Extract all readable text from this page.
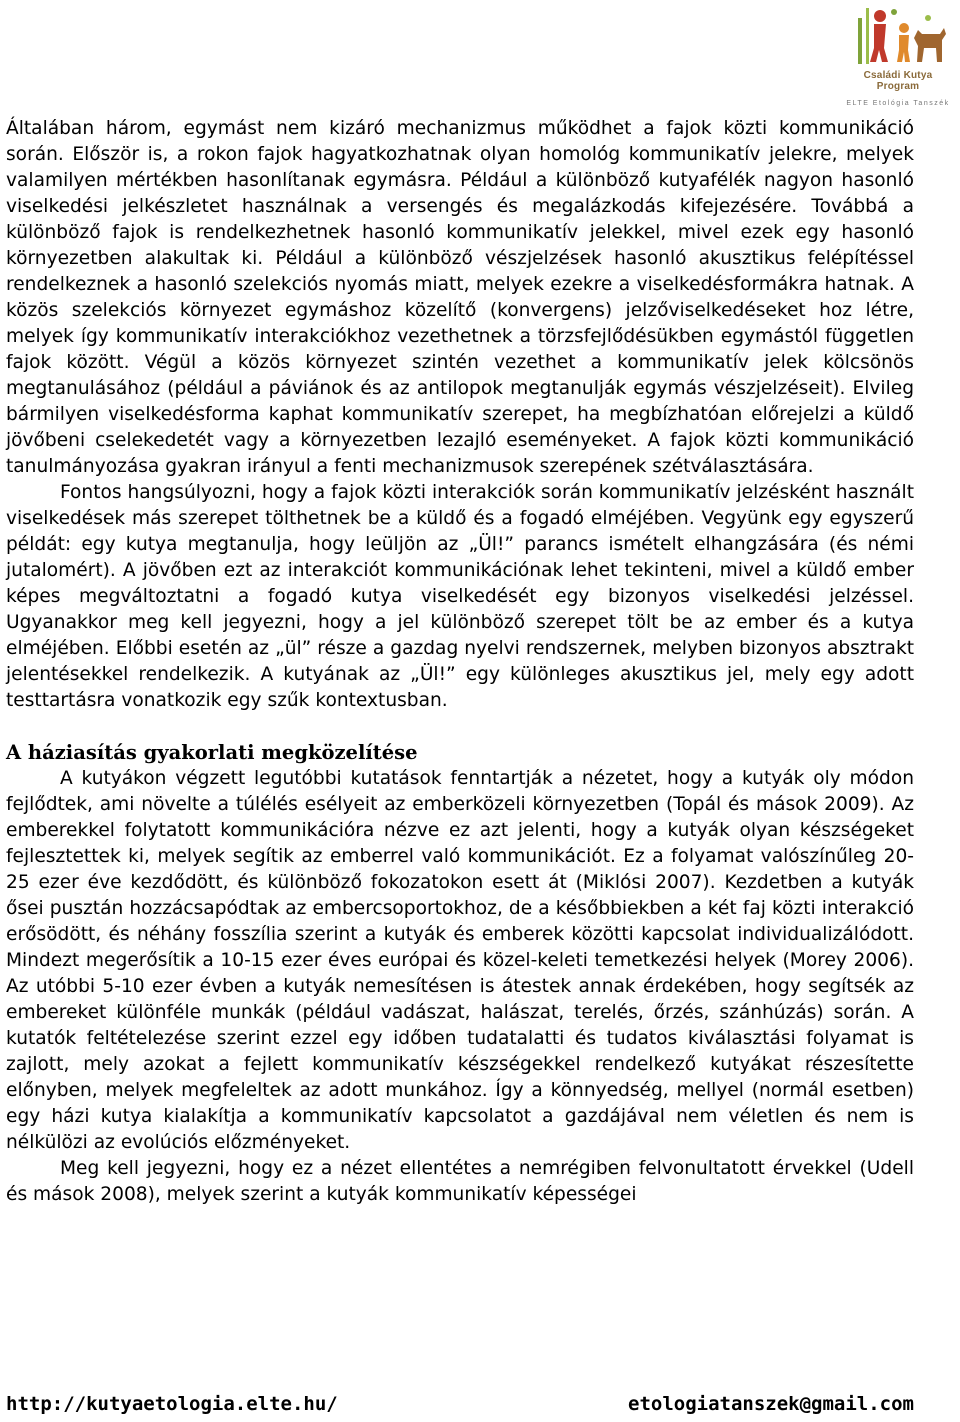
Családi Kutya Program
ELTE Etológia Tanszék

Általában három, egymást nem kizáró mechanizmus működhet a fajok közti kommunikáció során. Először is, a rokon fajok hagyatkozhatnak olyan homológ kommunikatív jelekre, melyek valamilyen mértékben hasonlítanak egymásra. Például a különböző kutyafélék nagyon hasonló viselkedési jelkészletet használnak a versengés és megalázkodás kifejezésére. Továbbá a különböző fajok is rendelkezhetnek hasonló kommunikatív jelekkel, mivel ezek egy hasonló környezetben alakultak ki. Például a különböző vészjelzések hasonló akusztikus felépítéssel rendelkeznek a hasonló szelekciós nyomás miatt, melyek ezekre a viselkedésformákra hatnak. A közös szelekciós környezet egymáshoz közelítő (konvergens) jelzőviselkedéseket hoz létre, melyek így kommunikatív interakciókhoz vezethetnek a törzsfejlődésükben egymástól független fajok között. Végül a közös környezet szintén vezethet a kommunikatív jelek kölcsönös megtanulásához (például a páviánok és az antilopok megtanulják egymás vészjelzéseit). Elvileg bármilyen viselkedésforma kaphat kommunikatív szerepet, ha megbízhatóan előrejelzi a küldő jövőbeni cselekedetét vagy a környezetben lezajló eseményeket. A fajok közti kommunikáció tanulmányozása gyakran irányul a fenti mechanizmusok szerepének szétválasztására.

Fontos hangsúlyozni, hogy a fajok közti interakciók során kommunikatív jelzésként használt viselkedések más szerepet tölthetnek be a küldő és a fogadó elméjében. Vegyünk egy egyszerű példát: egy kutya megtanulja, hogy leüljön az „Ül!” parancs ismételt elhangzására (és némi jutalomért). A jövőben ezt az interakciót kommunikációnak lehet tekinteni, mivel a küldő ember képes megváltoztatni a fogadó kutya viselkedését egy bizonyos viselkedési jelzéssel. Ugyanakkor meg kell jegyezni, hogy a jel különböző szerepet tölt be az ember és a kutya elméjében. Előbbi esetén az „ül” része a gazdag nyelvi rendszernek, melyben bizonyos absztrakt jelentésekkel rendelkezik. A kutyának az „Ül!” egy különleges akusztikus jel, mely egy adott testtartásra vonatkozik egy szűk kontextusban.

A háziasítás gyakorlati megközelítése

A kutyákon végzett legutóbbi kutatások fenntartják a nézetet, hogy a kutyák oly módon fejlődtek, ami növelte a túlélés esélyeit az emberközeli környezetben (Topál és mások 2009). Az emberekkel folytatott kommunikációra nézve ez azt jelenti, hogy a kutyák olyan készségeket fejlesztettek ki, melyek segítik az emberrel való kommunikációt. Ez a folyamat valószínűleg 20-25 ezer éve kezdődött, és különböző fokozatokon esett át (Miklósi 2007). Kezdetben a kutyák ősei pusztán hozzácsapódtak az embercsoportokhoz, de a későbbiekben a két faj közti interakció erősödött, és néhány fosszília szerint a kutyák és emberek közötti kapcsolat individualizálódott. Mindezt megerősítik a 10-15 ezer éves európai és közel-keleti temetkezési helyek (Morey 2006). Az utóbbi 5-10 ezer évben a kutyák nemesítésen is átestek annak érdekében, hogy segítsék az embereket különféle munkák (például vadászat, halászat, terelés, őrzés, szánhúzás) során. A kutatók feltételezése szerint ezzel egy időben tudatalatti és tudatos kiválasztási folyamat is zajlott, mely azokat a fejlett kommunikatív készségekkel rendelkező kutyákat részesítette előnyben, melyek megfeleltek az adott munkához. Így a könnyedség, mellyel (normál esetben) egy házi kutya kialakítja a kommunikatív kapcsolatot a gazdájával nem véletlen és nem is nélkülözi az evolúciós előzményeket.

Meg kell jegyezni, hogy ez a nézet ellentétes a nemrégiben felvonultatott érvekkel (Udell és mások 2008), melyek szerint a kutyák kommunikatív képességei

http://kutyaetologia.elte.hu/	etologiatanszek@gmail.com
